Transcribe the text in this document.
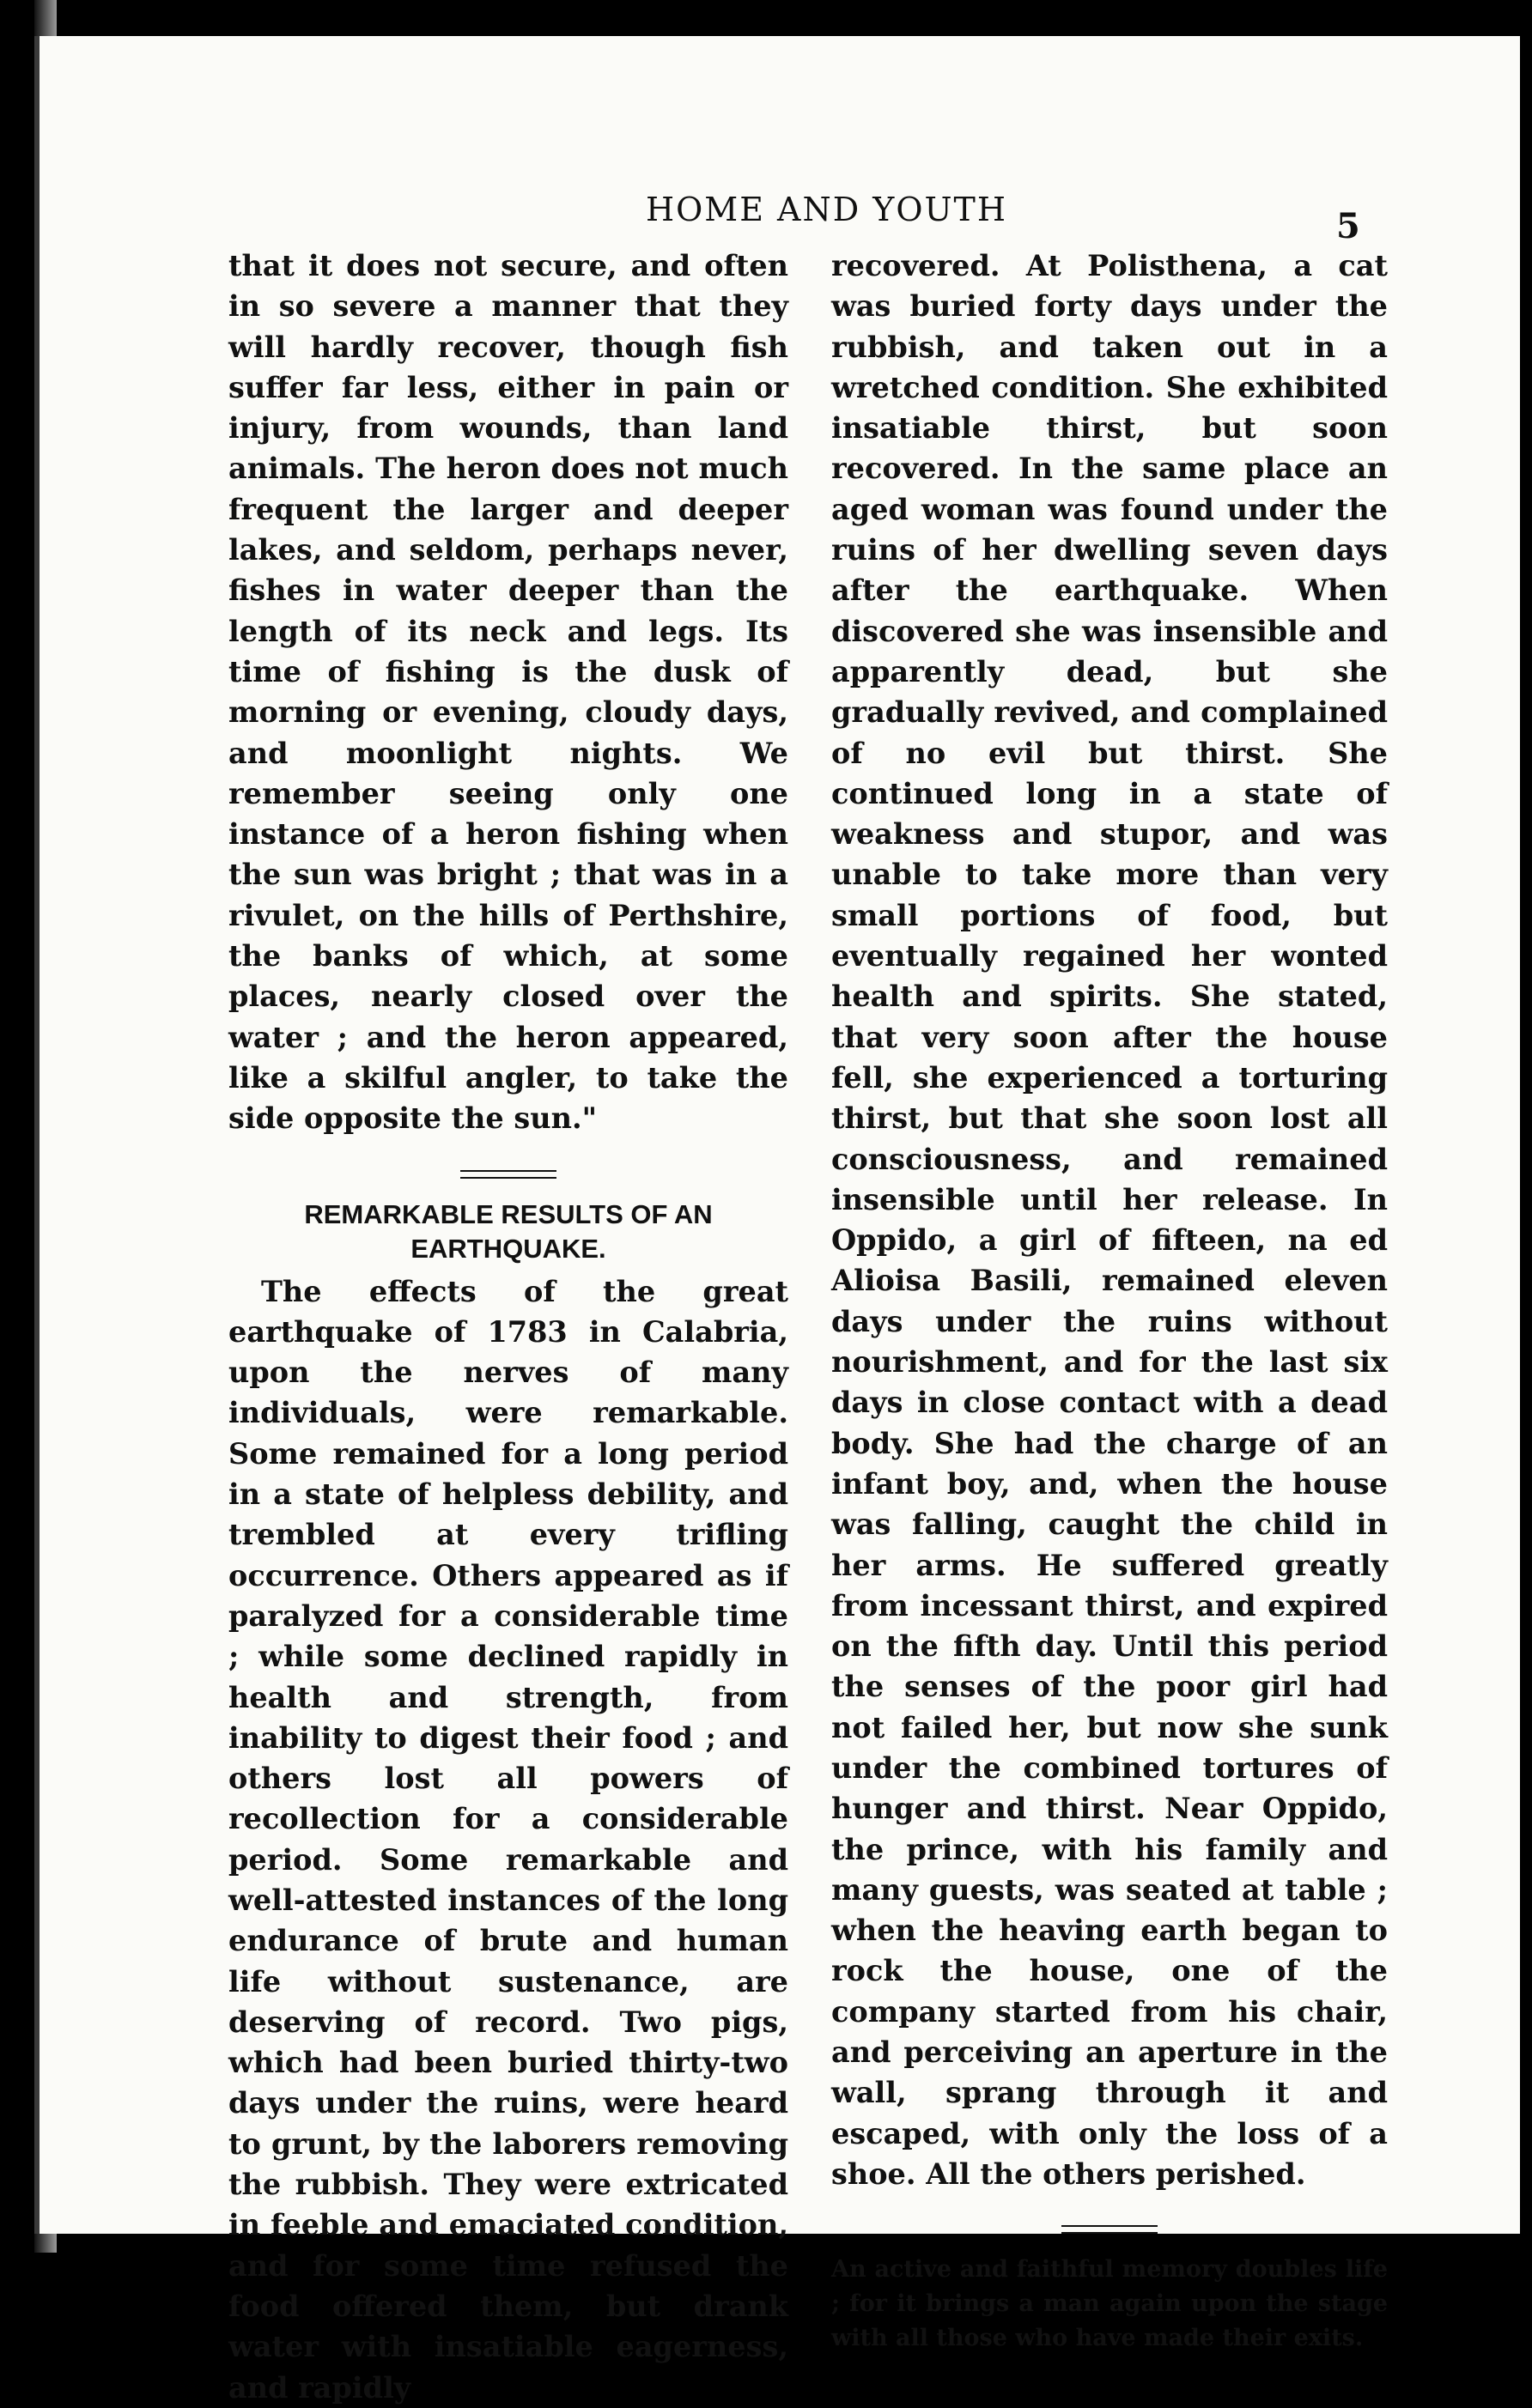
HOME AND YOUTH	5

that it does not secure, and often in so severe a manner that they will hardly recover, though fish suffer far less, either in pain or injury, from wounds, than land animals. The heron does not much frequent the larger and deeper lakes, and seldom, perhaps never, fishes in water deeper than the length of its neck and legs. Its time of fishing is the dusk of morning or evening, cloudy days, and moonlight nights. We remember seeing only one instance of a heron fishing when the sun was bright ; that was in a rivulet, on the hills of Perthshire, the banks of which, at some places, nearly closed over the water ; and the heron appeared, like a skilful angler, to take the side opposite the sun."

REMARKABLE RESULTS OF AN
EARTHQUAKE.

The effects of the great earthquake of 1783 in Calabria, upon the nerves of many individuals, were remarkable. Some remained for a long period in a state of helpless debility, and trembled at every trifling occurrence. Others appeared as if paralyzed for a considerable time ; while some declined rapidly in health and strength, from inability to digest their food ; and others lost all powers of recollection for a considerable period. Some remarkable and well-attested instances of the long endurance of brute and human life without sustenance, are deserving of record. Two pigs, which had been buried thirty-two days under the ruins, were heard to grunt, by the laborers removing the rubbish. They were extricated in feeble and emaciated condition, and for some time refused the food offered them, but drank water with insatiable eagerness, and rapidly

recovered. At Polisthena, a cat was buried forty days under the rubbish, and taken out in a wretched condition. She exhibited insatiable thirst, but soon recovered. In the same place an aged woman was found under the ruins of her dwelling seven days after the earthquake. When discovered she was insensible and apparently dead, but she gradually revived, and complained of no evil but thirst. She continued long in a state of weakness and stupor, and was unable to take more than very small portions of food, but eventually regained her wonted health and spirits. She stated, that very soon after the house fell, she experienced a torturing thirst, but that she soon lost all consciousness, and remained insensible until her release. In Oppido, a girl of fifteen, na ed Alioisa Basili, remained eleven days under the ruins without nourishment, and for the last six days in close contact with a dead body. She had the charge of an infant boy, and, when the house was falling, caught the child in her arms. He suffered greatly from incessant thirst, and expired on the fifth day. Until this period the senses of the poor girl had not failed her, but now she sunk under the combined tortures of hunger and thirst. Near Oppido, the prince, with his family and many guests, was seated at table ; when the heaving earth began to rock the house, one of the company started from his chair, and perceiving an aperture in the wall, sprang through it and escaped, with only the loss of a shoe. All the others perished.

An active and faithful memory doubles life ; for it brings a man again upon the stage with all those who have made their exits.
